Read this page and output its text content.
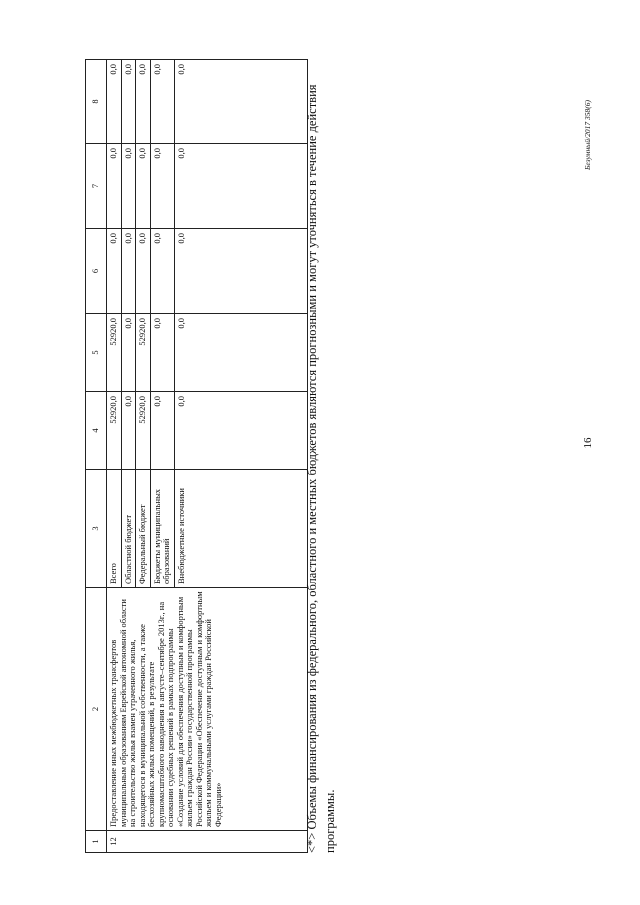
16
1	2	3	4	5	6	7	8
12	Предоставление иных межбюджетных трансфертов муниципальным образованиям Еврейской автономной области на строительство жилья взамен утраченного жилья, находящегося в муниципальной собственности, а также бесхозяйных жилых помещений, в результате крупномасштабного наводнения в августе–сентябре 2013г., на основании судебных решений в рамках подпрограммы «Создание условий для обеспечения доступным и комфортным жильем граждан России» государственной программы Российской Федерации «Обеспечение доступным и комфортным жильем и коммунальными услугами граждан Российской Федерации»	Всего	52920,0	52920,0	0,0	0,0	0,0
		Областной бюджет	0,0	0,0	0,0	0,0	0,0
		Федеральный бюджет	52920,0	52920,0	0,0	0,0	0,0
		Бюджеты муниципальных образований	0,0	0,0	0,0	0,0	0,0
		Внебюджетные источники	0,0	0,0	0,0	0,0	0,0
<*> Объемы финансирования из федерального, областного и местных бюджетов являются прогнозными и могут уточняться в течение действия программы.
Безумный/2017 358(6)
